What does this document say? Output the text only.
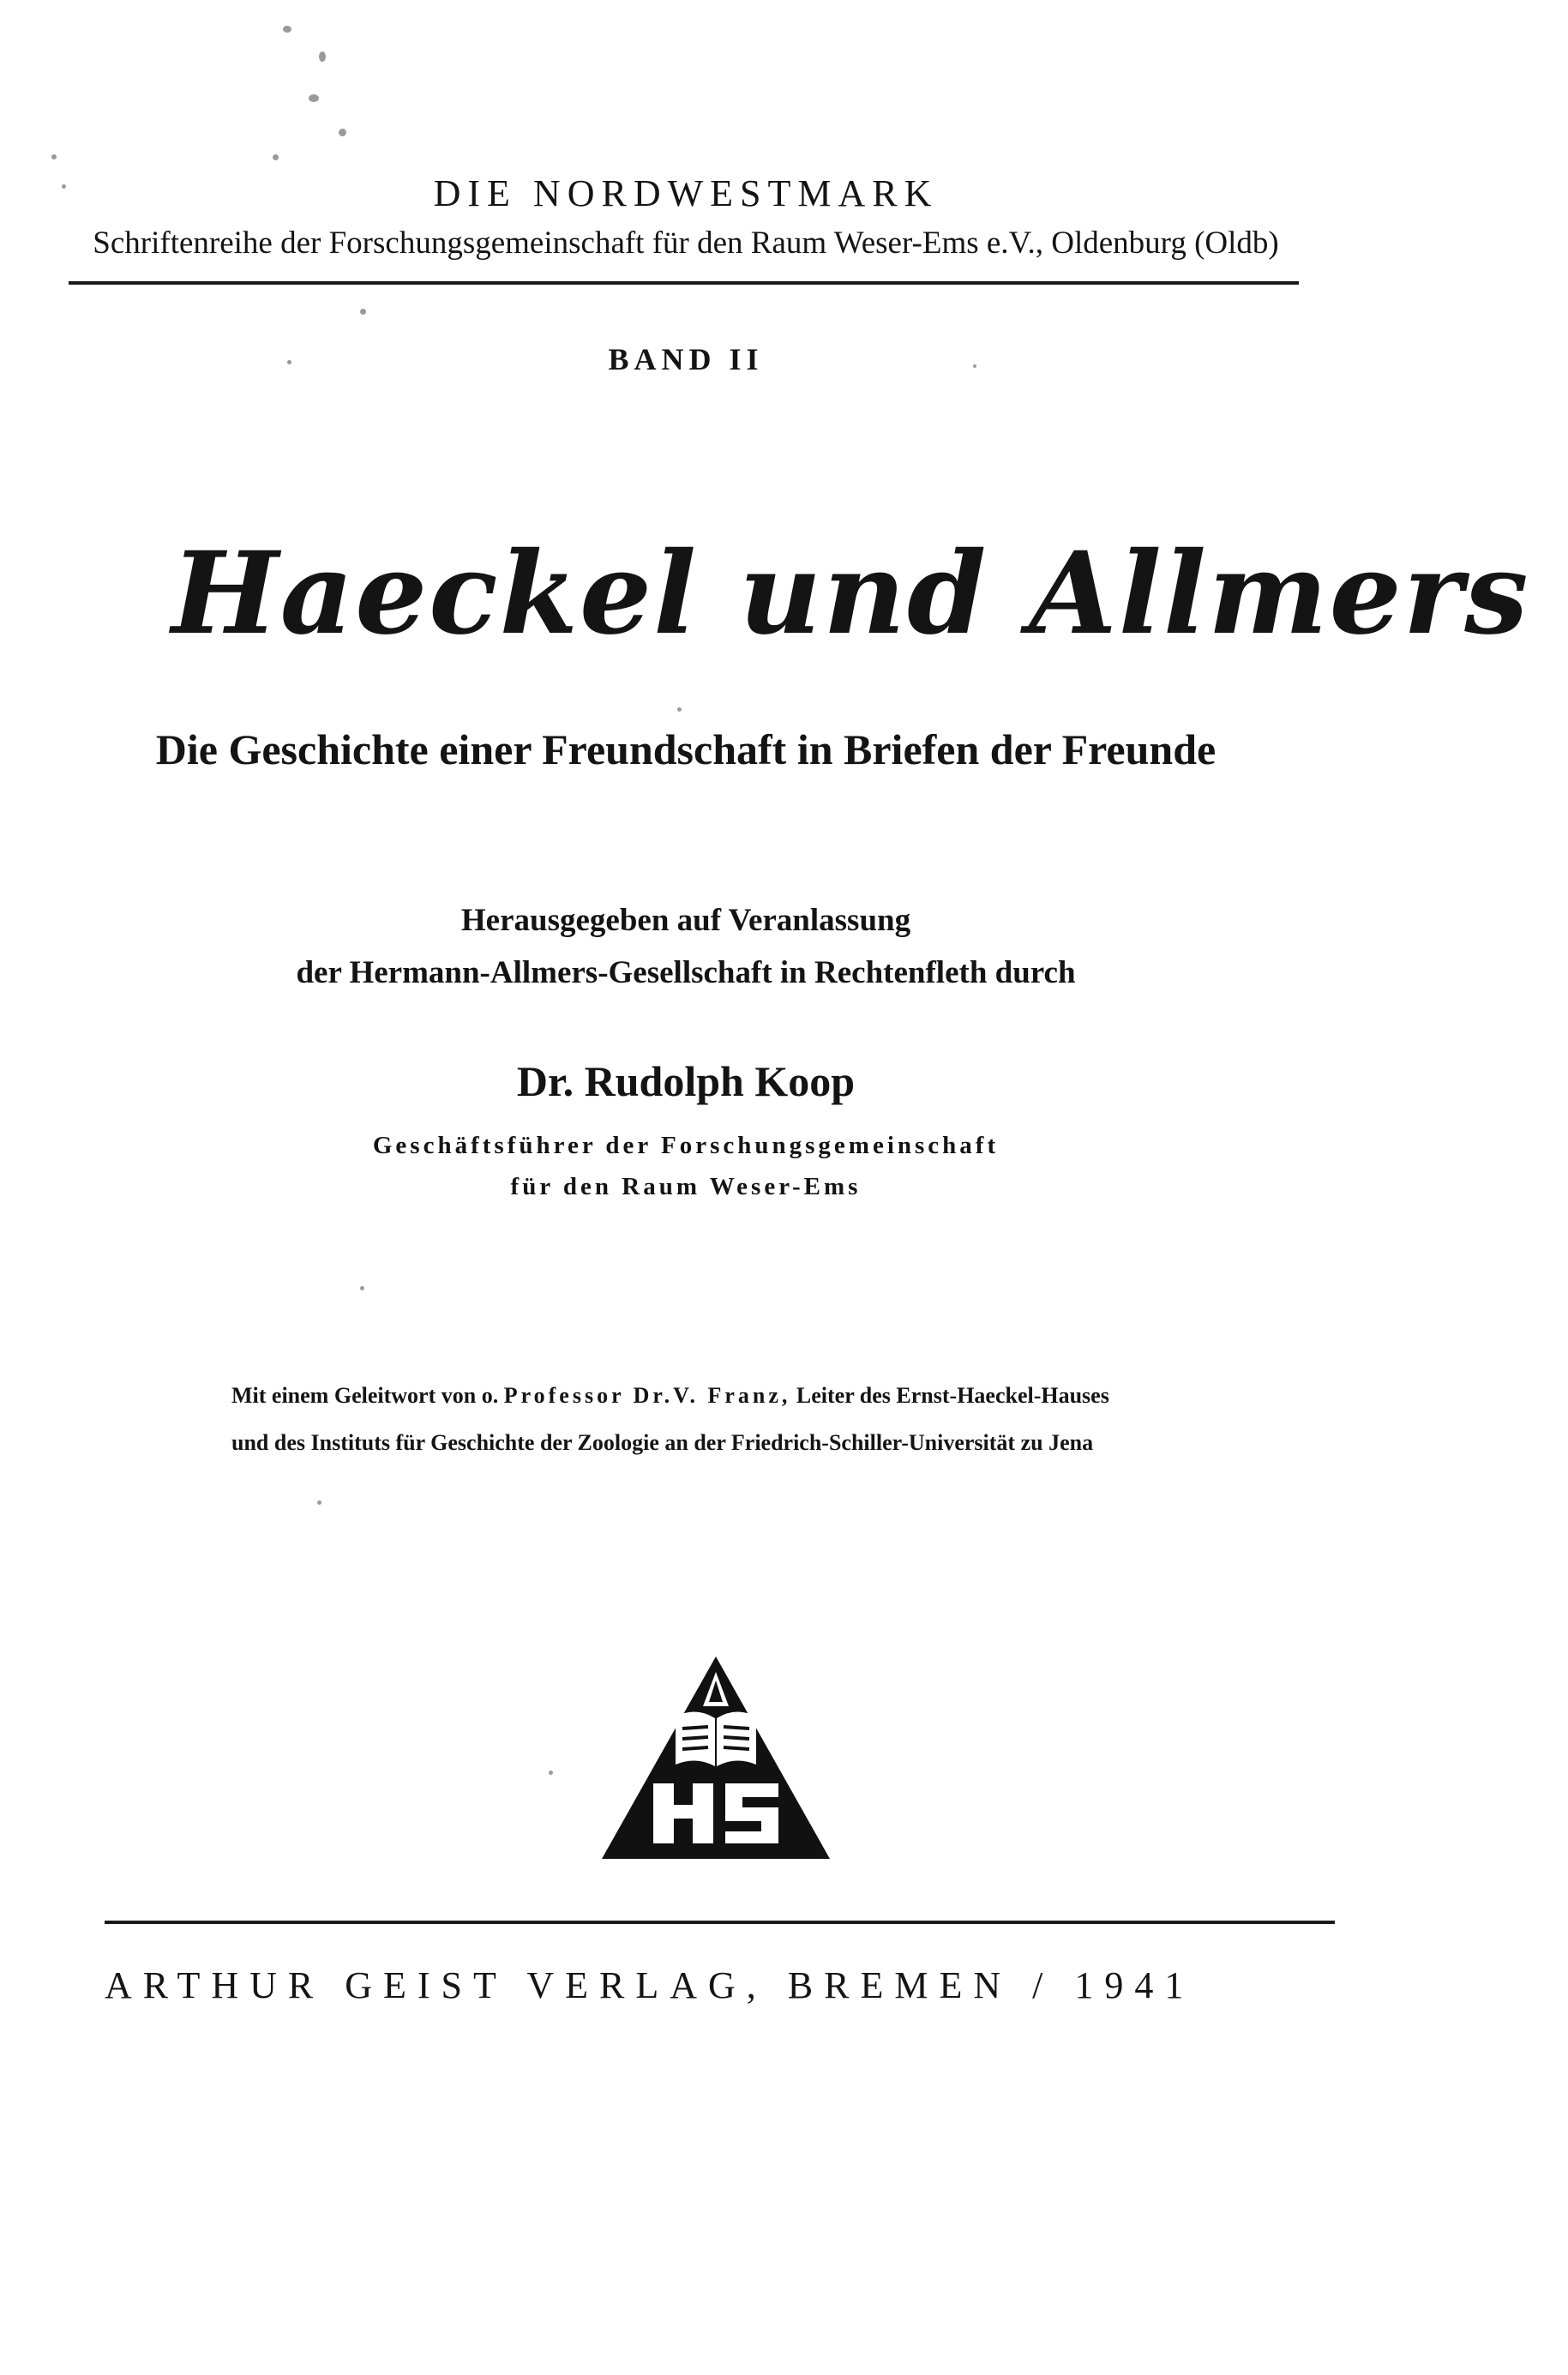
DIE NORDWESTMARK
Schriftenreihe der Forschungsgemeinschaft für den Raum Weser-Ems e.V., Oldenburg (Oldb)
BAND II
Haeckel und Allmers
Die Geschichte einer Freundschaft in Briefen der Freunde
Herausgegeben auf Veranlassung
der Hermann-Allmers-Gesellschaft in Rechtenfleth durch
Dr. Rudolph Koop
Geschäftsführer der Forschungsgemeinschaft
für den Raum Weser-Ems
Mit einem Geleitwort von o. Professor Dr.V. Franz, Leiter des Ernst-Haeckel-Hauses
und des Instituts für Geschichte der Zoologie an der Friedrich-Schiller-Universität zu Jena
ARTHUR GEIST VERLAG, BREMEN / 1941
